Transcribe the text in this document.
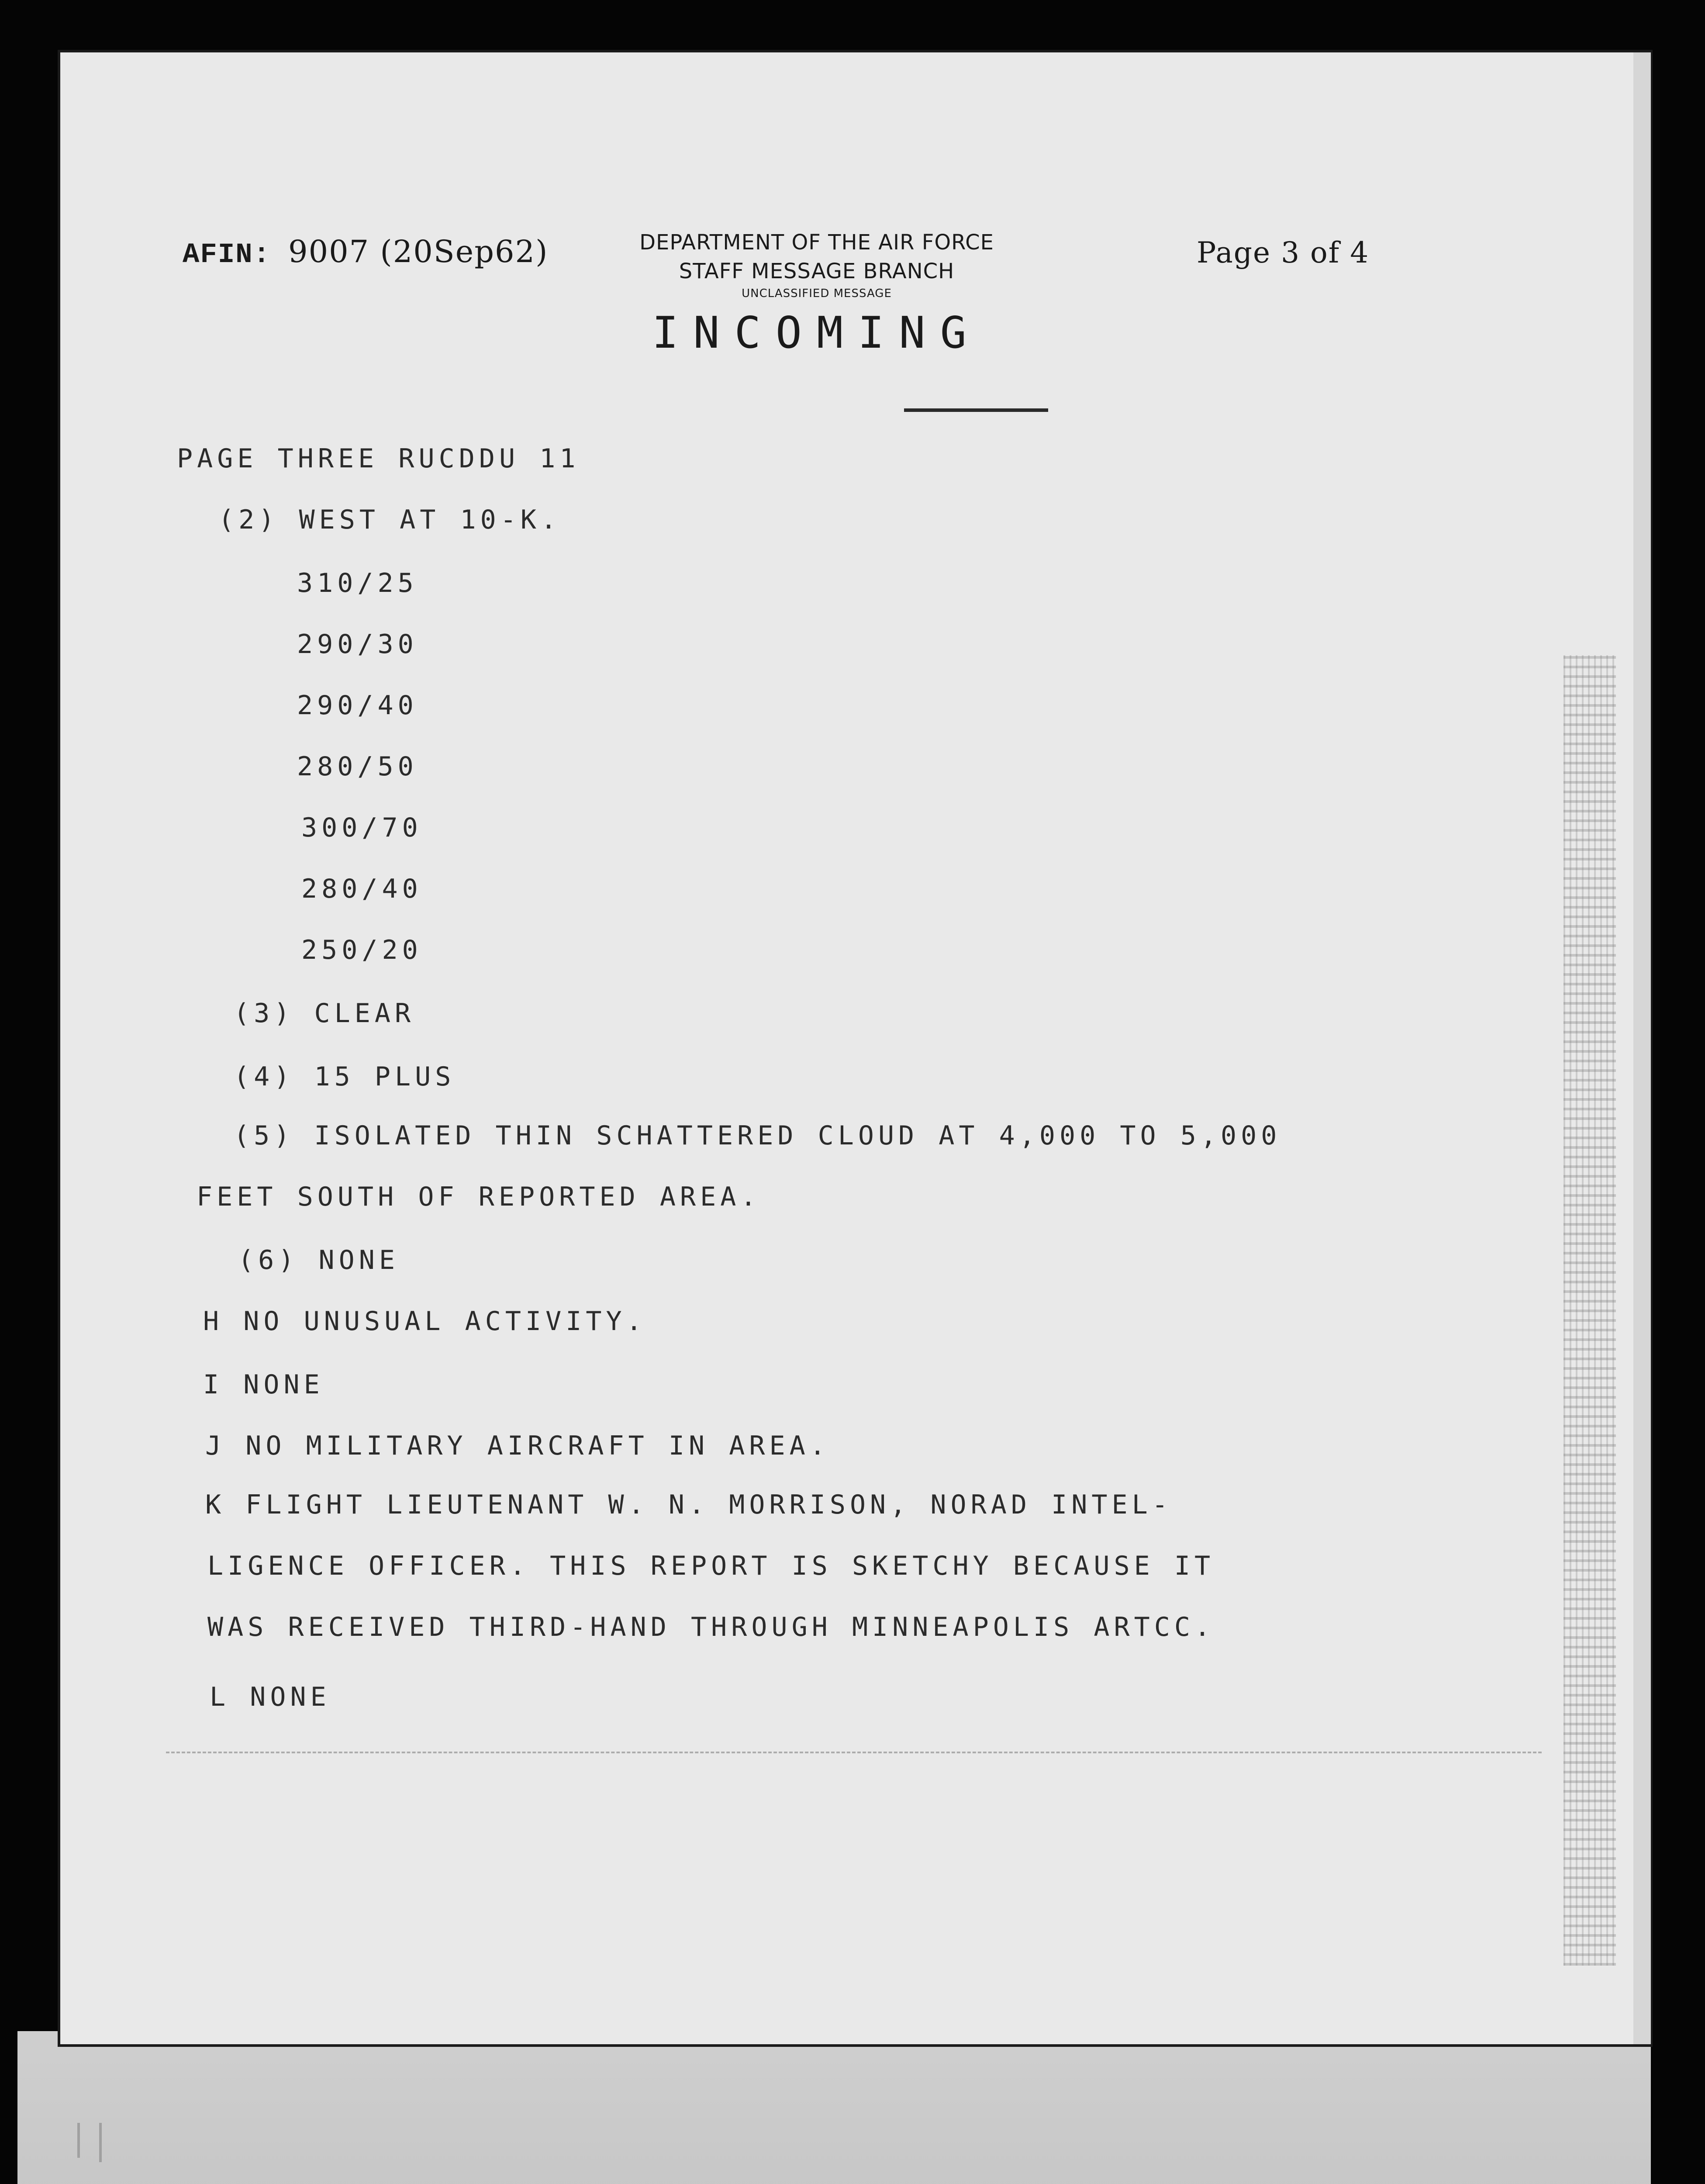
AFIN: 9007 (20Sep62)	DEPARTMENT OF THE AIR FORCE
STAFF MESSAGE BRANCH
UNCLASSIFIED MESSAGE
INCOMING
Page 3 of 4
PAGE THREE RUCDDU 11
(2) WEST AT 10-K.
310/25
290/30
290/40
280/50
300/70
280/40
250/20
(3) CLEAR
(4) 15 PLUS
(5) ISOLATED THIN SCHATTERED CLOUD AT 4,000 TO 5,000
FEET SOUTH OF REPORTED AREA.
(6) NONE
H NO UNUSUAL ACTIVITY.
I NONE
J NO MILITARY AIRCRAFT IN AREA.
K FLIGHT LIEUTENANT W. N. MORRISON, NORAD INTEL-
LIGENCE OFFICER. THIS REPORT IS SKETCHY BECAUSE IT
WAS RECEIVED THIRD-HAND THROUGH MINNEAPOLIS ARTCC.
L NONE
